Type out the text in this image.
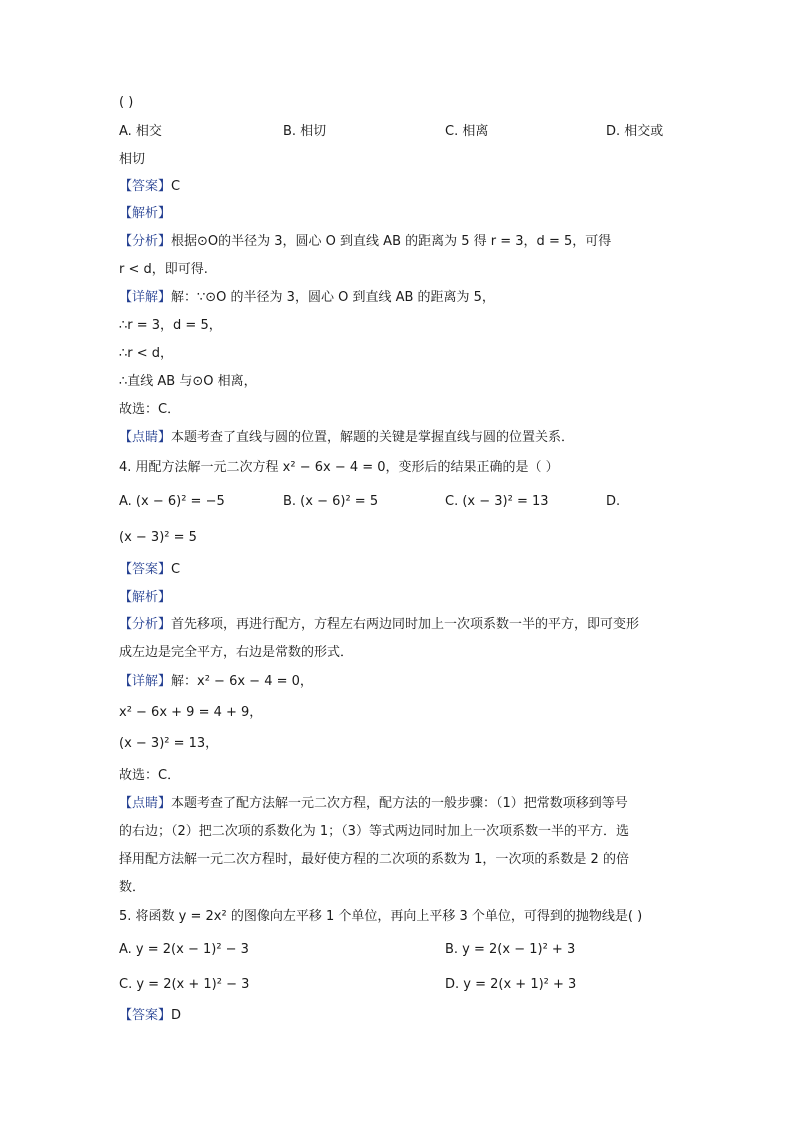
( )
A. 相交	B. 相切	C. 相离	D. 相交或
相切
【答案】C
【解析】
【分析】根据⊙O的半径为 3，圆心 O 到直线 AB 的距离为 5 得 r = 3，d = 5，可得
r < d，即可得.
【详解】解：∵⊙O 的半径为 3，圆心 O 到直线 AB 的距离为 5，
∴r = 3，d = 5，
∴r < d，
∴直线 AB 与⊙O 相离，
故选：C．
【点睛】本题考查了直线与圆的位置，解题的关键是掌握直线与圆的位置关系．
4. 用配方法解一元二次方程 x² − 6x − 4 = 0，变形后的结果正确的是（ ）
A. (x − 6)² = −5	B. (x − 6)² = 5	C. (x − 3)² = 13	D.
(x − 3)² = 5
【答案】C
【解析】
【分析】首先移项，再进行配方，方程左右两边同时加上一次项系数一半的平方，即可变形
成左边是完全平方，右边是常数的形式．
【详解】解：x² − 6x − 4 = 0，
x² − 6x + 9 = 4 + 9，
(x − 3)² = 13，
故选：C．
【点睛】本题考查了配方法解一元二次方程，配方法的一般步骤：（1）把常数项移到等号
的右边；（2）把二次项的系数化为 1；（3）等式两边同时加上一次项系数一半的平方．选
择用配方法解一元二次方程时，最好使方程的二次项的系数为 1，一次项的系数是 2 的倍
数．
5. 将函数 y = 2x² 的图像向左平移 1 个单位，再向上平移 3 个单位，可得到的抛物线是( )
A. y = 2(x − 1)² − 3	B. y = 2(x − 1)² + 3
C. y = 2(x + 1)² − 3	D. y = 2(x + 1)² + 3
【答案】D
